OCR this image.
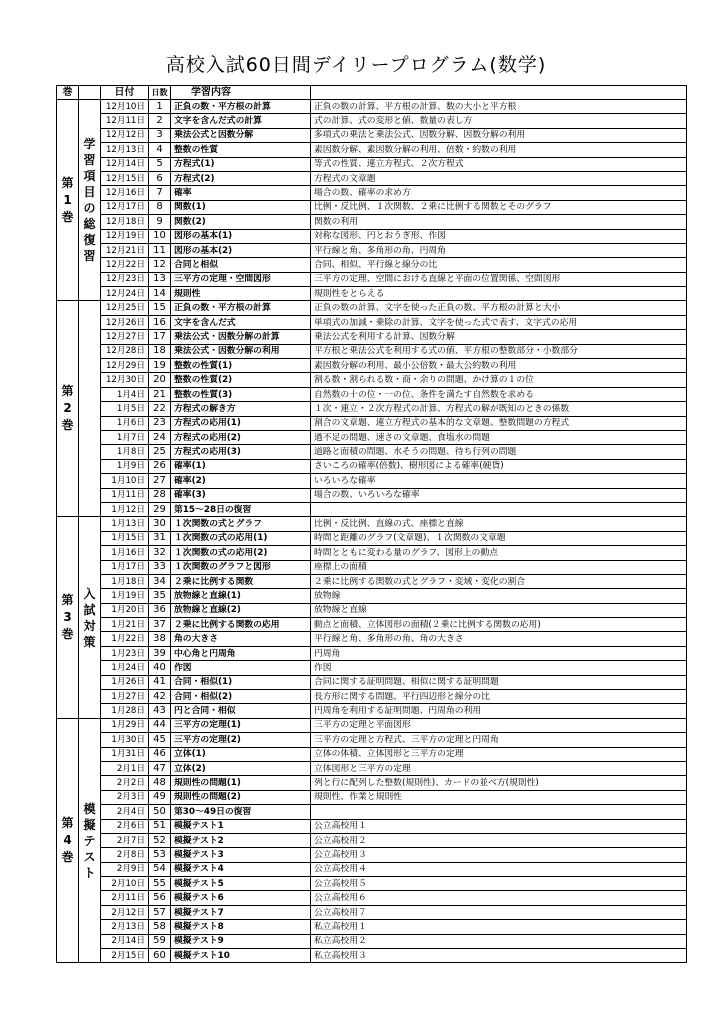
高校入試60日間デイリープログラム(数学)
巻		日付	日数	学習内容	
第1巻	学習項目の総復習	12月10日	1	正負の数・平方根の計算	正負の数の計算、平方根の計算、数の大小と平方根
		12月11日	2	文字を含んだ式の計算	式の計算、式の変形と値、数量の表し方
		12月12日	3	乗法公式と因数分解	多項式の乗法と乗法公式、因数分解、因数分解の利用
		12月13日	4	整数の性質	素因数分解、素因数分解の利用、倍数・約数の利用
		12月14日	5	方程式(1)	等式の性質、連立方程式、２次方程式
		12月15日	6	方程式(2)	方程式の文章題
		12月16日	7	確率	場合の数、確率の求め方
		12月17日	8	関数(1)	比例・反比例、１次関数、２乗に比例する関数とそのグラフ
		12月18日	9	関数(2)	関数の利用
		12月19日	10	図形の基本(1)	対称な図形、円とおうぎ形、作図
		12月21日	11	図形の基本(2)	平行線と角、多角形の角、円周角
		12月22日	12	合同と相似	合同、相似、平行線と線分の比
		12月23日	13	三平方の定理・空間図形	三平方の定理、空間における直線と平面の位置関係、空間図形
		12月24日	14	規則性	規則性をとらえる
第2巻		12月25日	15	正負の数・平方根の計算	正負の数の計算、文字を使った正負の数、平方根の計算と大小
		12月26日	16	文字を含んだ式	単項式の加減・乗除の計算、文字を使った式で表す、文字式の応用
		12月27日	17	乗法公式・因数分解の計算	乗法公式を利用する計算、因数分解
		12月28日	18	乗法公式・因数分解の利用	平方根と乗法公式を利用する式の値、平方根の整数部分・小数部分
		12月29日	19	整数の性質(1)	素因数分解の利用、最小公倍数・最大公約数の利用
		12月30日	20	整数の性質(2)	割る数・割られる数・商・余りの問題、かけ算の１の位
		1月4日	21	整数の性質(3)	自然数の十の位・一の位、条件を満たす自然数を求める
		1月5日	22	方程式の解き方	１次・連立・２次方程式の計算、方程式の解が既知のときの係数
		1月6日	23	方程式の応用(1)	割合の文章題、連立方程式の基本的な文章題、整数問題の方程式
		1月7日	24	方程式の応用(2)	過不足の問題、速さの文章題、食塩水の問題
		1月8日	25	方程式の応用(3)	道路と面積の問題、水そうの問題、待ち行列の問題
		1月9日	26	確率(1)	さいころの確率(倍数)、樹形図による確率(硬貨)
		1月10日	27	確率(2)	いろいろな確率
		1月11日	28	確率(3)	場合の数、いろいろな確率
		1月12日	29	第15～28日の復習	
第3巻	入試対策	1月13日	30	１次関数の式とグラフ	比例・反比例、直線の式、座標と直線
		1月15日	31	１次関数の式の応用(1)	時間と距離のグラフ(文章題)、１次関数の文章題
		1月16日	32	１次関数の式の応用(2)	時間とともに変わる量のグラフ、図形上の動点
		1月17日	33	１次関数のグラフと図形	座標上の面積
		1月18日	34	２乗に比例する関数	２乗に比例する関数の式とグラフ・変域・変化の割合
		1月19日	35	放物線と直線(1)	放物線
		1月20日	36	放物線と直線(2)	放物線と直線
		1月21日	37	２乗に比例する関数の応用	動点と面積、立体図形の面積(２乗に比例する関数の応用)
		1月22日	38	角の大きさ	平行線と角、多角形の角、角の大きさ
		1月23日	39	中心角と円周角	円周角
		1月24日	40	作図	作図
		1月26日	41	合同・相似(1)	合同に関する証明問題、相似に関する証明問題
		1月27日	42	合同・相似(2)	長方形に関する問題、平行四辺形と線分の比
		1月28日	43	円と合同・相似	円周角を利用する証明問題、円周角の利用
第4巻	模擬テスト	1月29日	44	三平方の定理(1)	三平方の定理と平面図形
		1月30日	45	三平方の定理(2)	三平方の定理と方程式、三平方の定理と円周角
		1月31日	46	立体(1)	立体の体積、立体図形と三平方の定理
		2月1日	47	立体(2)	立体図形と三平方の定理
		2月2日	48	規則性の問題(1)	列と行に配列した整数(規則性)、カードの並べ方(規則性)
		2月3日	49	規則性の問題(2)	規則性、作業と規則性
		2月4日	50	第30～49日の復習	
		2月6日	51	模擬テスト1	公立高校用１
		2月7日	52	模擬テスト2	公立高校用２
		2月8日	53	模擬テスト3	公立高校用３
		2月9日	54	模擬テスト4	公立高校用４
		2月10日	55	模擬テスト5	公立高校用５
		2月11日	56	模擬テスト6	公立高校用６
		2月12日	57	模擬テスト7	公立高校用７
		2月13日	58	模擬テスト8	私立高校用１
		2月14日	59	模擬テスト9	私立高校用２
		2月15日	60	模擬テスト10	私立高校用３
